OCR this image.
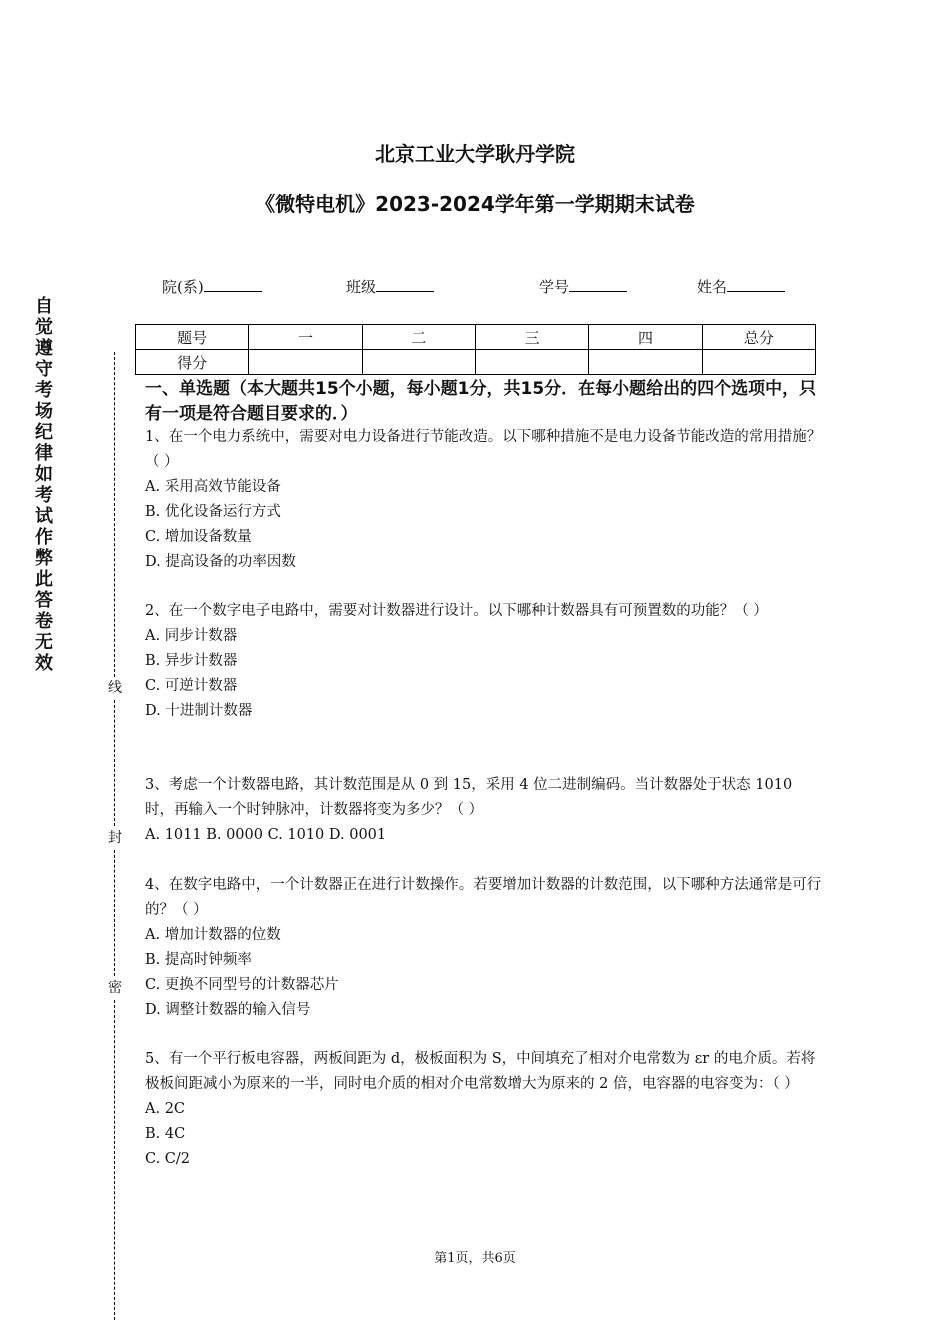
北京工业大学耿丹学院
《微特电机》2023-2024学年第一学期期末试卷
院(系)	班级	学号	姓名
题号	一	二	三	四	总分
得分					
自觉遵守考场纪律如考试作弊此答卷无效
线
封
密
一、单选题（本大题共15个小题，每小题1分，共15分．在每小题给出的四个选项中，只有一项是符合题目要求的．）

1、在一个电力系统中，需要对电力设备进行节能改造。以下哪种措施不是电力设备节能改造的常用措施？（ ）

A. 采用高效节能设备

B. 优化设备运行方式

C. 增加设备数量

D. 提高设备的功率因数

2、在一个数字电子电路中，需要对计数器进行设计。以下哪种计数器具有可预置数的功能？（ ）

A. 同步计数器

B. 异步计数器

C. 可逆计数器

D. 十进制计数器

3、考虑一个计数器电路，其计数范围是从 0 到 15，采用 4 位二进制编码。当计数器处于状态 1010 时，再输入一个时钟脉冲，计数器将变为多少？（ ）

A. 1011 B. 0000 C. 1010 D. 0001

4、在数字电路中，一个计数器正在进行计数操作。若要增加计数器的计数范围，以下哪种方法通常是可行的？（ ）

A. 增加计数器的位数

B. 提高时钟频率

C. 更换不同型号的计数器芯片

D. 调整计数器的输入信号

5、有一个平行板电容器，两板间距为 d，极板面积为 S，中间填充了相对介电常数为 εr 的电介质。若将极板间距减小为原来的一半，同时电介质的相对介电常数增大为原来的 2 倍，电容器的电容变为：（ ）

A. 2C

B. 4C

C. C/2

第1页，共6页
